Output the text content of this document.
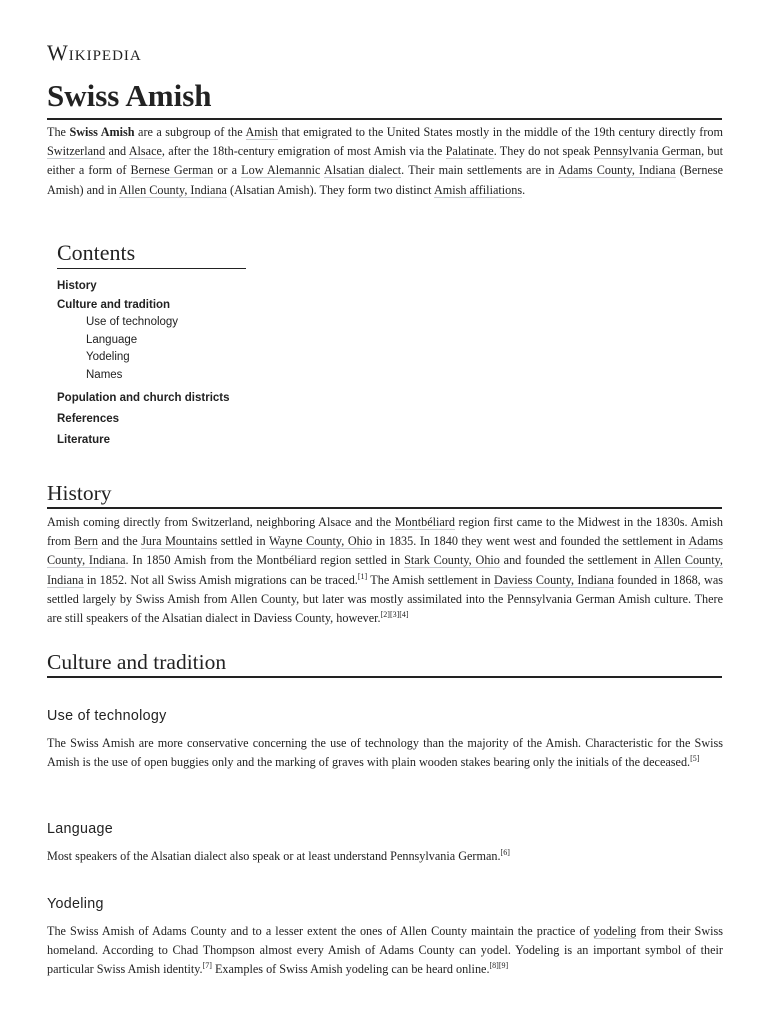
Wikipedia
Swiss Amish

The Swiss Amish are a subgroup of the Amish that emigrated to the United States mostly in the middle of the 19th century directly from Switzerland and Alsace, after the 18th-century emigration of most Amish via the Palatinate. They do not speak Pennsylvania German, but either a form of Bernese German or a Low Alemannic Alsatian dialect. Their main settlements are in Adams County, Indiana (Bernese Amish) and in Allen County, Indiana (Alsatian Amish). They form two distinct Amish affiliations.

Contents
History
Culture and tradition
Use of technology
Language
Yodeling
Names
Population and church districts
References
Literature
History

Amish coming directly from Switzerland, neighboring Alsace and the Montbéliard region first came to the Midwest in the 1830s. Amish from Bern and the Jura Mountains settled in Wayne County, Ohio in 1835. In 1840 they went west and founded the settlement in Adams County, Indiana. In 1850 Amish from the Montbéliard region settled in Stark County, Ohio and founded the settlement in Allen County, Indiana in 1852. Not all Swiss Amish migrations can be traced.[1] The Amish settlement in Daviess County, Indiana founded in 1868, was settled largely by Swiss Amish from Allen County, but later was mostly assimilated into the Pennsylvania German Amish culture. There are still speakers of the Alsatian dialect in Daviess County, however.[2][3][4]

Culture and tradition
Use of technology

The Swiss Amish are more conservative concerning the use of technology than the majority of the Amish. Characteristic for the Swiss Amish is the use of open buggies only and the marking of graves with plain wooden stakes bearing only the initials of the deceased.[5]

Language

Most speakers of the Alsatian dialect also speak or at least understand Pennsylvania German.[6]

Yodeling

The Swiss Amish of Adams County and to a lesser extent the ones of Allen County maintain the practice of yodeling from their Swiss homeland. According to Chad Thompson almost every Amish of Adams County can yodel. Yodeling is an important symbol of their particular Swiss Amish identity.[7] Examples of Swiss Amish yodeling can be heard online.[8][9]
